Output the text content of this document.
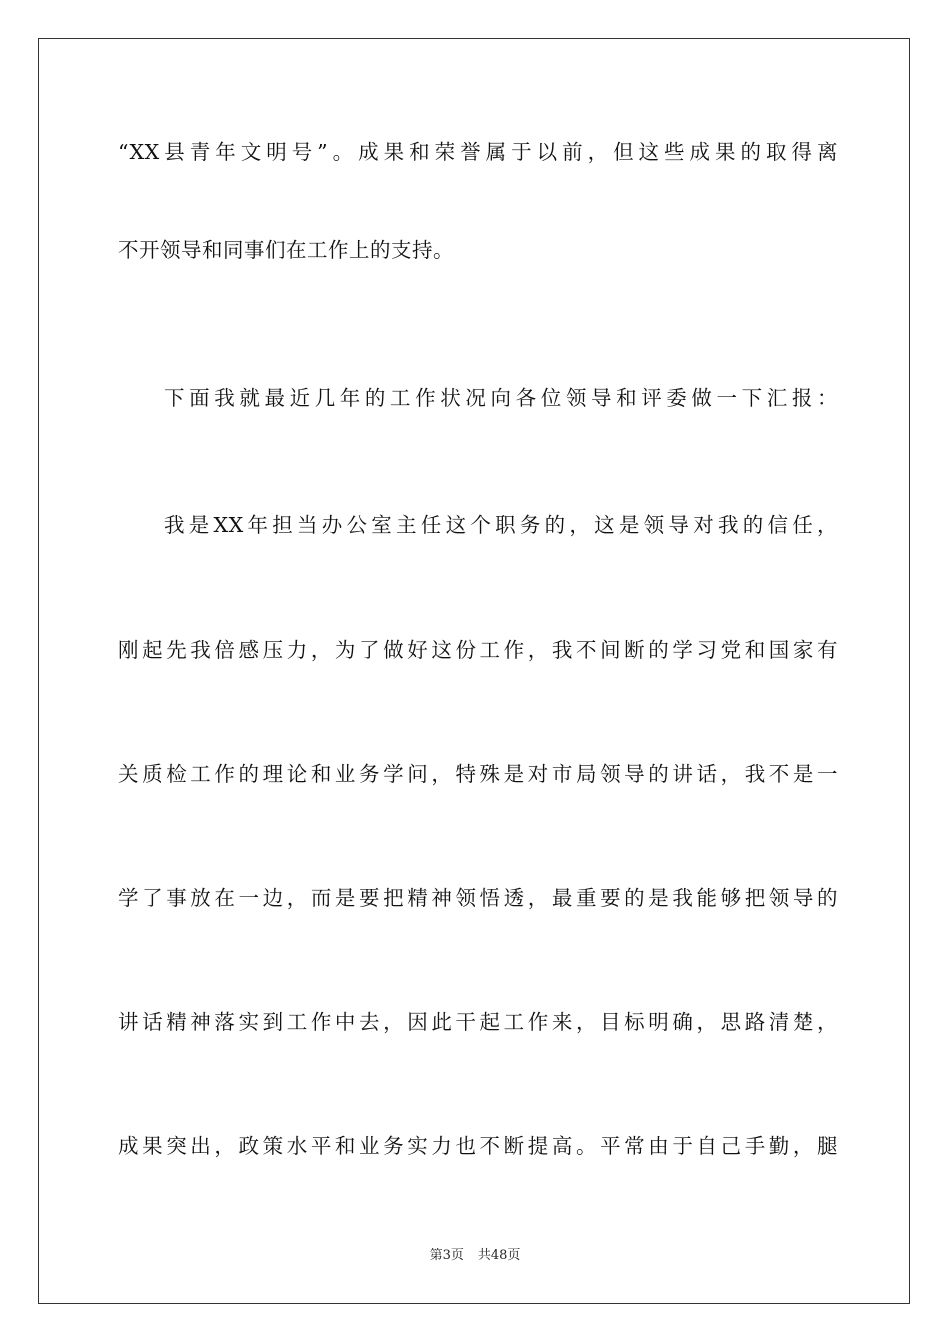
“XX县青年文明号”。成果和荣誉属于以前，但这些成果的取得离
不开领导和同事们在工作上的支持。
下面我就最近几年的工作状况向各位领导和评委做一下汇报：
我是XX年担当办公室主任这个职务的，这是领导对我的信任，
刚起先我倍感压力，为了做好这份工作，我不间断的学习党和国家有
关质检工作的理论和业务学问，特殊是对市局领导的讲话，我不是一
学了事放在一边，而是要把精神领悟透，最重要的是我能够把领导的
讲话精神落实到工作中去，因此干起工作来，目标明确，思路清楚，
成果突出，政策水平和业务实力也不断提高。平常由于自己手勤，腿
第3页 共48页
